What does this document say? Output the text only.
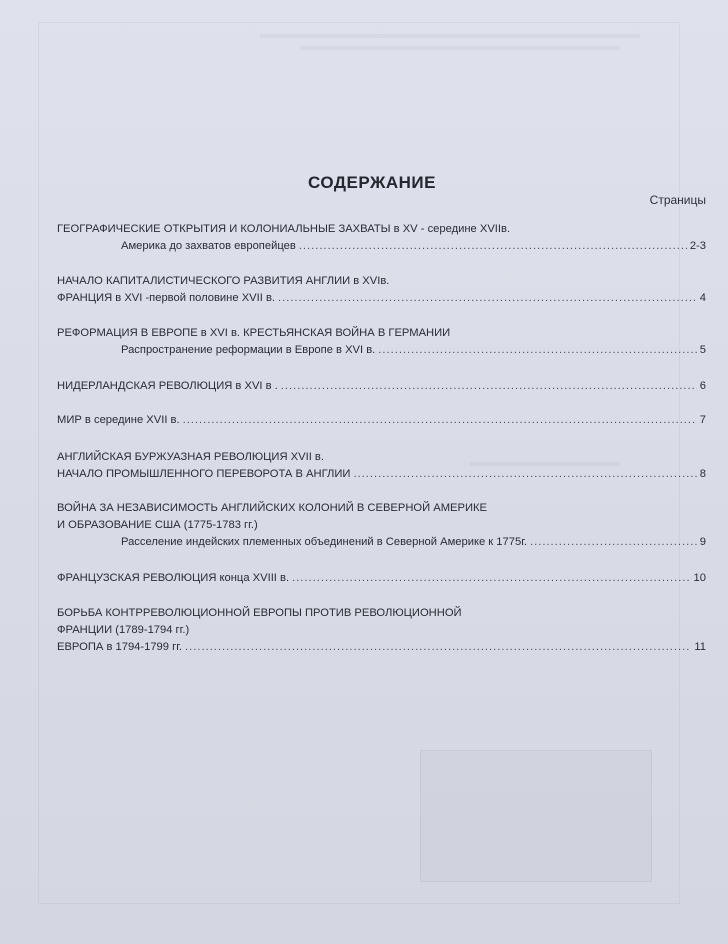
СОДЕРЖАНИЕ
Страницы
ГЕОГРАФИЧЕСКИЕ ОТКРЫТИЯ И КОЛОНИАЛЬНЫЕ ЗАХВАТЫ в XV - середине XVIIв.
Америка до захватов европейцев .....	2-3
НАЧАЛО КАПИТАЛИСТИЧЕСКОГО РАЗВИТИЯ АНГЛИИ в XVIв.
ФРАНЦИЯ в XVI -первой половине XVII в. .....	4
РЕФОРМАЦИЯ В ЕВРОПЕ в XVI в. КРЕСТЬЯНСКАЯ ВОЙНА В ГЕРМАНИИ
Распространение реформации в Европе в XVI в. .....	5
НИДЕРЛАНДСКАЯ РЕВОЛЮЦИЯ в XVI в . .....	6
МИР в середине XVII в. .....	7
АНГЛИЙСКАЯ БУРЖУАЗНАЯ РЕВОЛЮЦИЯ XVII в.
НАЧАЛО ПРОМЫШЛЕННОГО ПЕРЕВОРОТА В АНГЛИИ .....	8
ВОЙНА ЗА НЕЗАВИСИМОСТЬ АНГЛИЙСКИХ КОЛОНИЙ В СЕВЕРНОЙ АМЕРИКЕ
И ОБРАЗОВАНИЕ США (1775-1783 гг.)
Расселение индейских племенных объединений в Северной Америке к 1775г. .....	9
ФРАНЦУЗСКАЯ РЕВОЛЮЦИЯ конца XVIII в. .....	10
БОРЬБА КОНТРРЕВОЛЮЦИОННОЙ ЕВРОПЫ ПРОТИВ РЕВОЛЮЦИОННОЙ
ФРАНЦИИ (1789-1794 гг.)
ЕВРОПА в 1794-1799 гг. .....	11
